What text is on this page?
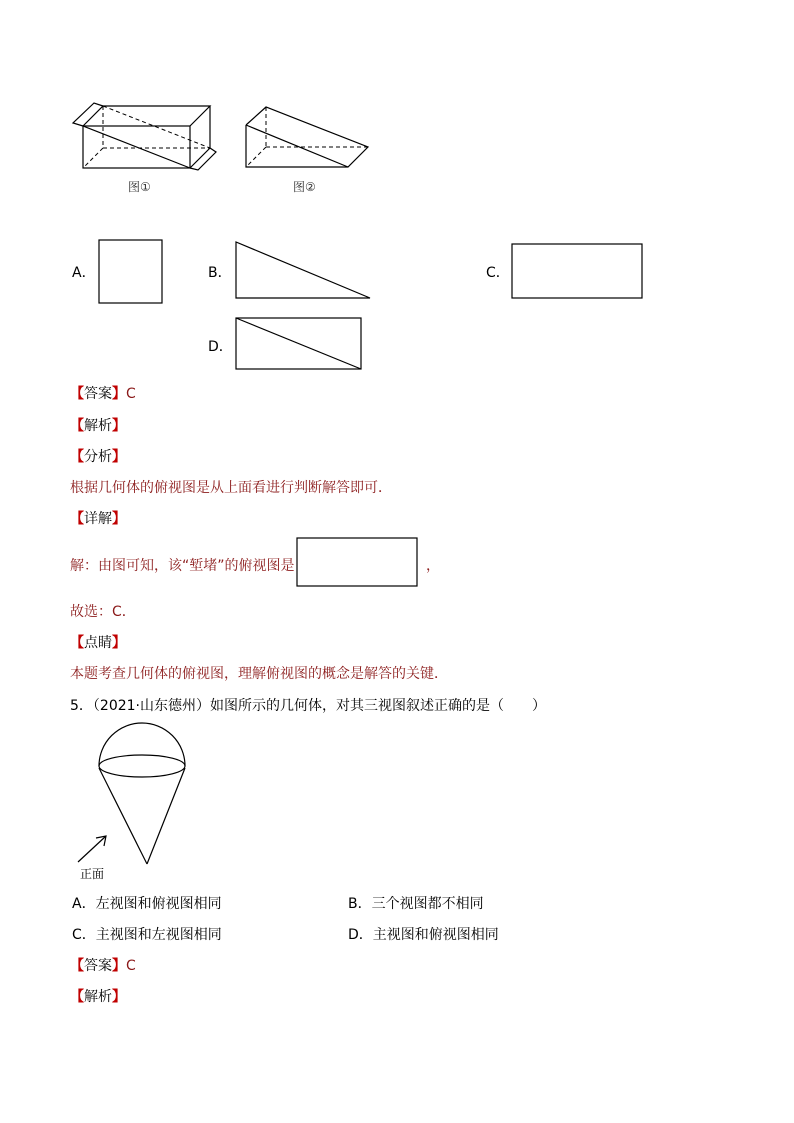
图①	图②
A．	B．	C．
D．
【答案】C
【解析】
【分析】
根据几何体的俯视图是从上面看进行判断解答即可．
【详解】
解：由图可知，该“堑堵”的俯视图是	，
故选：C．
【点睛】
本题考查几何体的俯视图，理解俯视图的概念是解答的关键．
5．（2021·山东德州）如图所示的几何体，对其三视图叙述正确的是（　　）
正面
A．左视图和俯视图相同	B．三个视图都不相同
C．主视图和左视图相同	D．主视图和俯视图相同
【答案】C
【解析】
